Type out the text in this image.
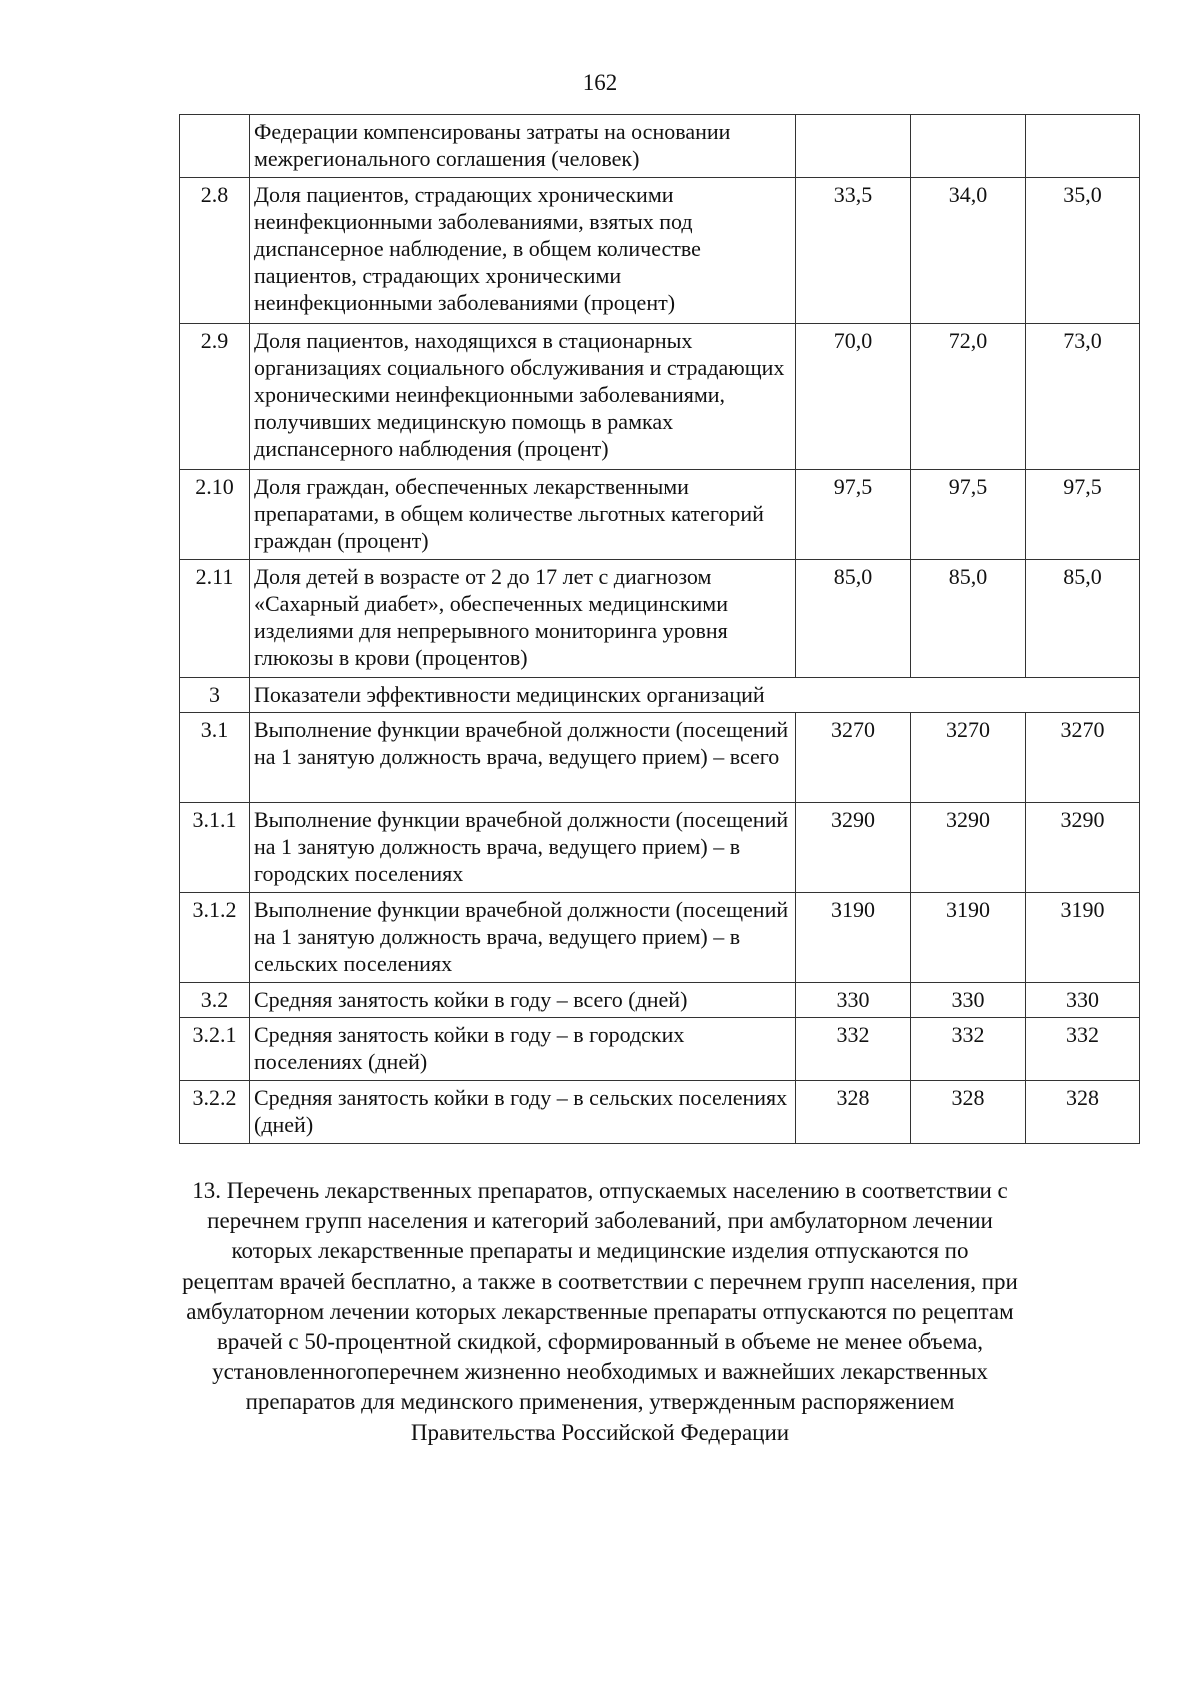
162
	Федерации компенсированы затраты на основании межрегионального соглашения (человек)			
2.8	Доля пациентов, страдающих хроническими неинфекционными заболеваниями, взятых под диспансерное наблюдение, в общем количестве пациентов, страдающих хроническими неинфекционными заболеваниями (процент)	33,5	34,0	35,0
2.9	Доля пациентов, находящихся в стационарных организациях социального обслуживания и страдающих хроническими неинфекционными заболеваниями, получивших медицинскую помощь в рамках диспансерного наблюдения (процент)	70,0	72,0	73,0
2.10	Доля граждан, обеспеченных лекарственными препаратами, в общем количестве льготных категорий граждан (процент)	97,5	97,5	97,5
2.11	Доля детей в возрасте от 2 до 17 лет с диагнозом «Сахарный диабет», обеспеченных медицинскими изделиями для непрерывного мониторинга уровня глюкозы в крови (процентов)	85,0	85,0	85,0
3	Показатели эффективности медицинских организаций			
3.1	Выполнение функции врачебной должности (посещений на 1 занятую должность врача, ведущего прием) – всего	3270	3270	3270
3.1.1	Выполнение функции врачебной должности (посещений на 1 занятую должность врача, ведущего прием) – в городских поселениях	3290	3290	3290
3.1.2	Выполнение функции врачебной должности (посещений на 1 занятую должность врача, ведущего прием) – в сельских поселениях	3190	3190	3190
3.2	Средняя занятость койки в году – всего (дней)	330	330	330
3.2.1	Средняя занятость койки в году – в городских поселениях (дней)	332	332	332
3.2.2	Средняя занятость койки в году – в сельских поселениях (дней)	328	328	328
13. Перечень лекарственных препаратов, отпускаемых населению в соответствии с
перечнем групп населения и категорий заболеваний, при амбулаторном лечении
которых лекарственные препараты и медицинские изделия отпускаются по
рецептам врачей бесплатно, а также в соответствии с перечнем групп населения, при
амбулаторном лечении которых лекарственные препараты отпускаются по рецептам
врачей с 50-процентной скидкой, сформированный в объеме не менее объема,
установленногоперечнем жизненно необходимых и важнейших лекарственных
препаратов для мединского применения, утвержденным распоряжением
Правительства Российской Федерации
